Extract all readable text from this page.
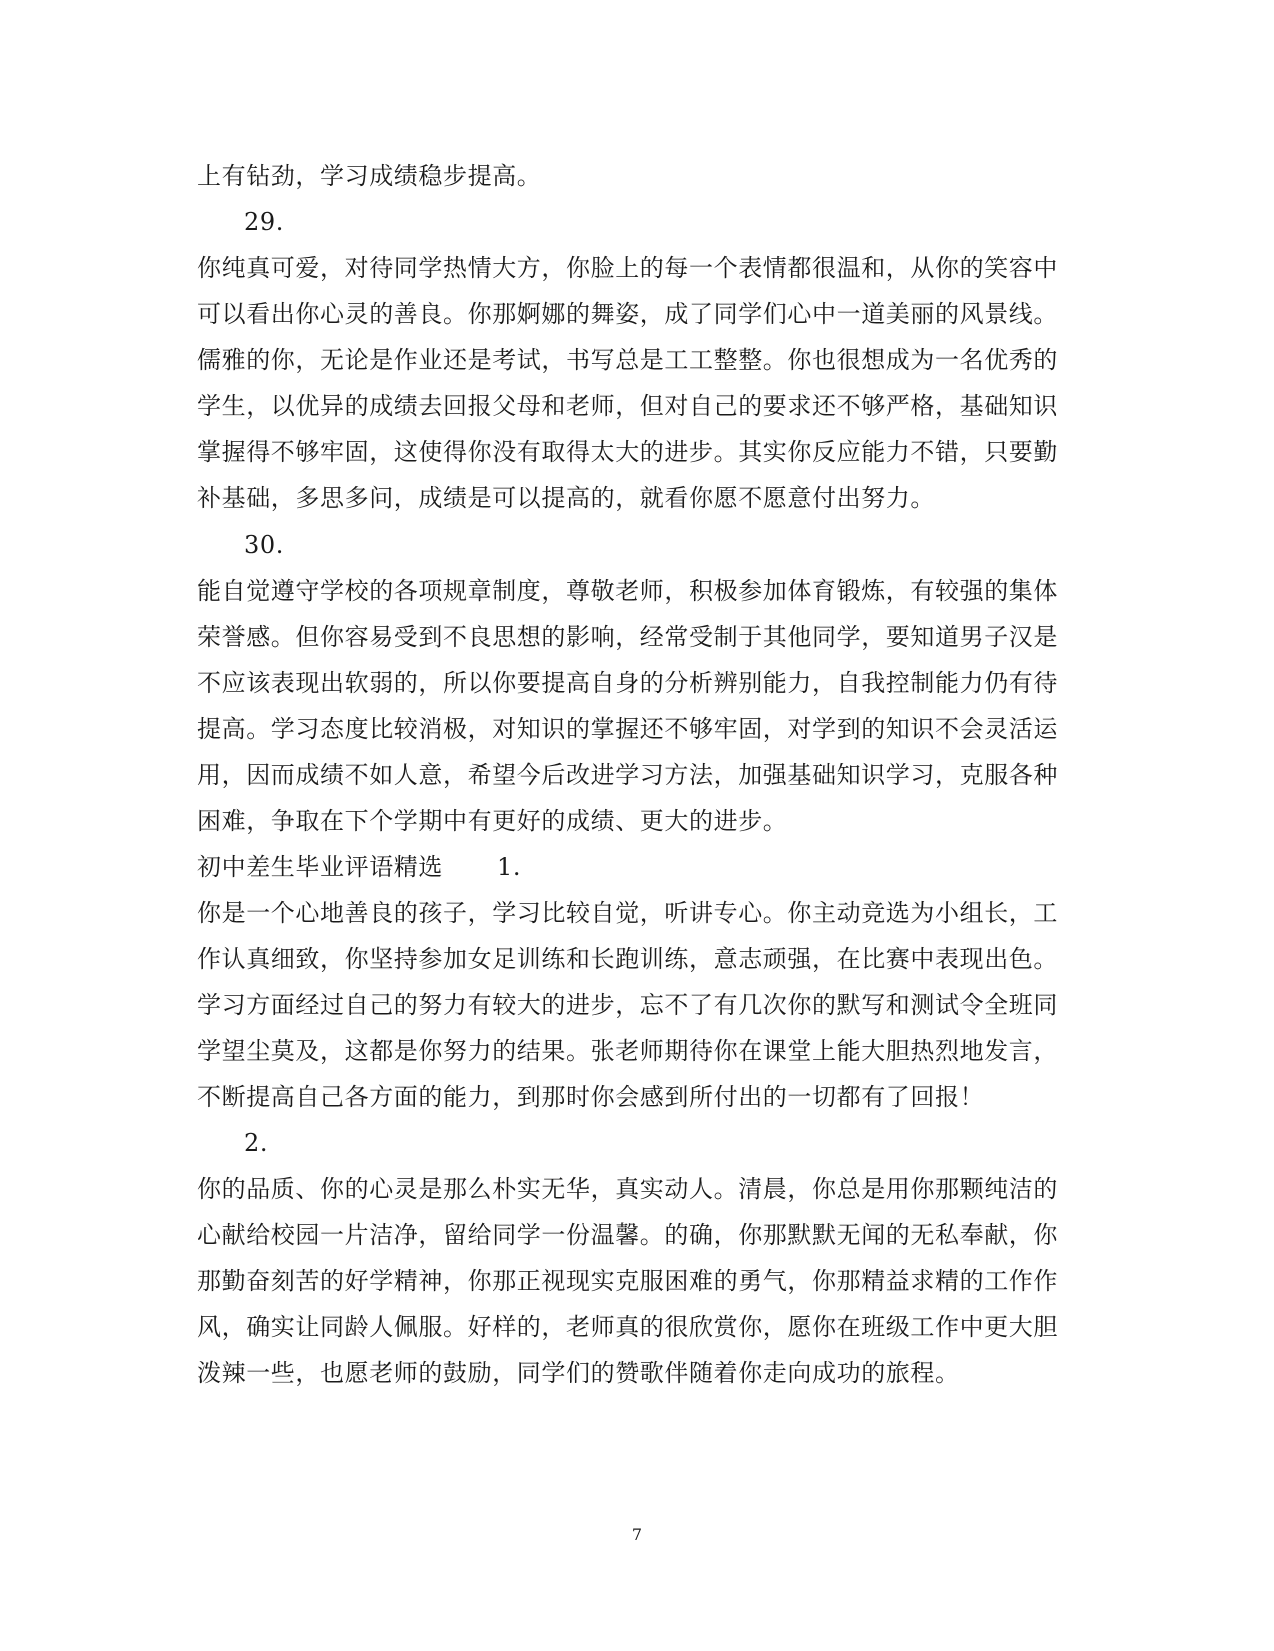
上有钻劲，学习成绩稳步提高。
29.
你纯真可爱，对待同学热情大方，你脸上的每一个表情都很温和，从你的笑容中
可以看出你心灵的善良。你那婀娜的舞姿，成了同学们心中一道美丽的风景线。
儒雅的你，无论是作业还是考试，书写总是工工整整。你也很想成为一名优秀的
学生，以优异的成绩去回报父母和老师，但对自己的要求还不够严格，基础知识
掌握得不够牢固，这使得你没有取得太大的进步。其实你反应能力不错，只要勤
补基础，多思多问，成绩是可以提高的，就看你愿不愿意付出努力。
30.
能自觉遵守学校的各项规章制度，尊敬老师，积极参加体育锻炼，有较强的集体
荣誉感。但你容易受到不良思想的影响，经常受制于其他同学，要知道男子汉是
不应该表现出软弱的，所以你要提高自身的分析辨别能力，自我控制能力仍有待
提高。学习态度比较消极，对知识的掌握还不够牢固，对学到的知识不会灵活运
用，因而成绩不如人意，希望今后改进学习方法，加强基础知识学习，克服各种
困难，争取在下个学期中有更好的成绩、更大的进步。
初中差生毕业评语精选 1.
你是一个心地善良的孩子，学习比较自觉，听讲专心。你主动竞选为小组长，工
作认真细致，你坚持参加女足训练和长跑训练，意志顽强，在比赛中表现出色。
学习方面经过自己的努力有较大的进步，忘不了有几次你的默写和测试令全班同
学望尘莫及，这都是你努力的结果。张老师期待你在课堂上能大胆热烈地发言，
不断提高自己各方面的能力，到那时你会感到所付出的一切都有了回报！
2.
你的品质、你的心灵是那么朴实无华，真实动人。清晨，你总是用你那颗纯洁的
心献给校园一片洁净，留给同学一份温馨。的确，你那默默无闻的无私奉献，你
那勤奋刻苦的好学精神，你那正视现实克服困难的勇气，你那精益求精的工作作
风，确实让同龄人佩服。好样的，老师真的很欣赏你，愿你在班级工作中更大胆
泼辣一些，也愿老师的鼓励，同学们的赞歌伴随着你走向成功的旅程。
7
